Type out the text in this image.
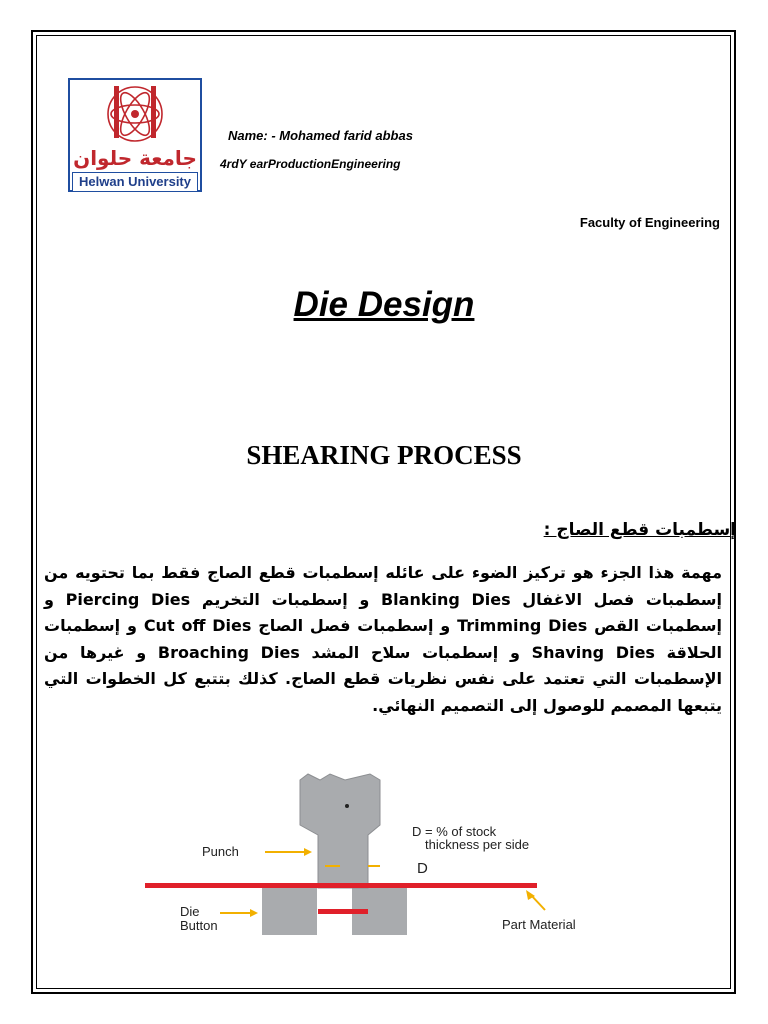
جامعة حلوان
Helwan University
Name: - Mohamed farid abbas
4rdY earProductionEngineering
Faculty of Engineering
Die Design
SHEARING PROCESS
إسطمبات قطع الصاج :
مهمة هذا الجزء هو تركيز الضوء على عائله إسطمبات قطع الصاج فقط بما تحتويه من إسطمبات فصل الاغفال Blanking Dies و إسطمبات التخريم Piercing Dies و إسطمبات القص Trimming Dies و إسطمبات فصل الصاج Cut off Dies و إسطمبات الحلاقة Shaving Dies و إسطمبات سلاح المشد Broaching Dies و غيرها من الإسطمبات التي تعتمد على نفس نظريات قطع الصاج. كذلك بتتبع كل الخطوات التي يتبعها المصمم للوصول إلى التصميم النهائي.
Punch
Die
Button
D = % of stock
thickness per side
D
Part Material
